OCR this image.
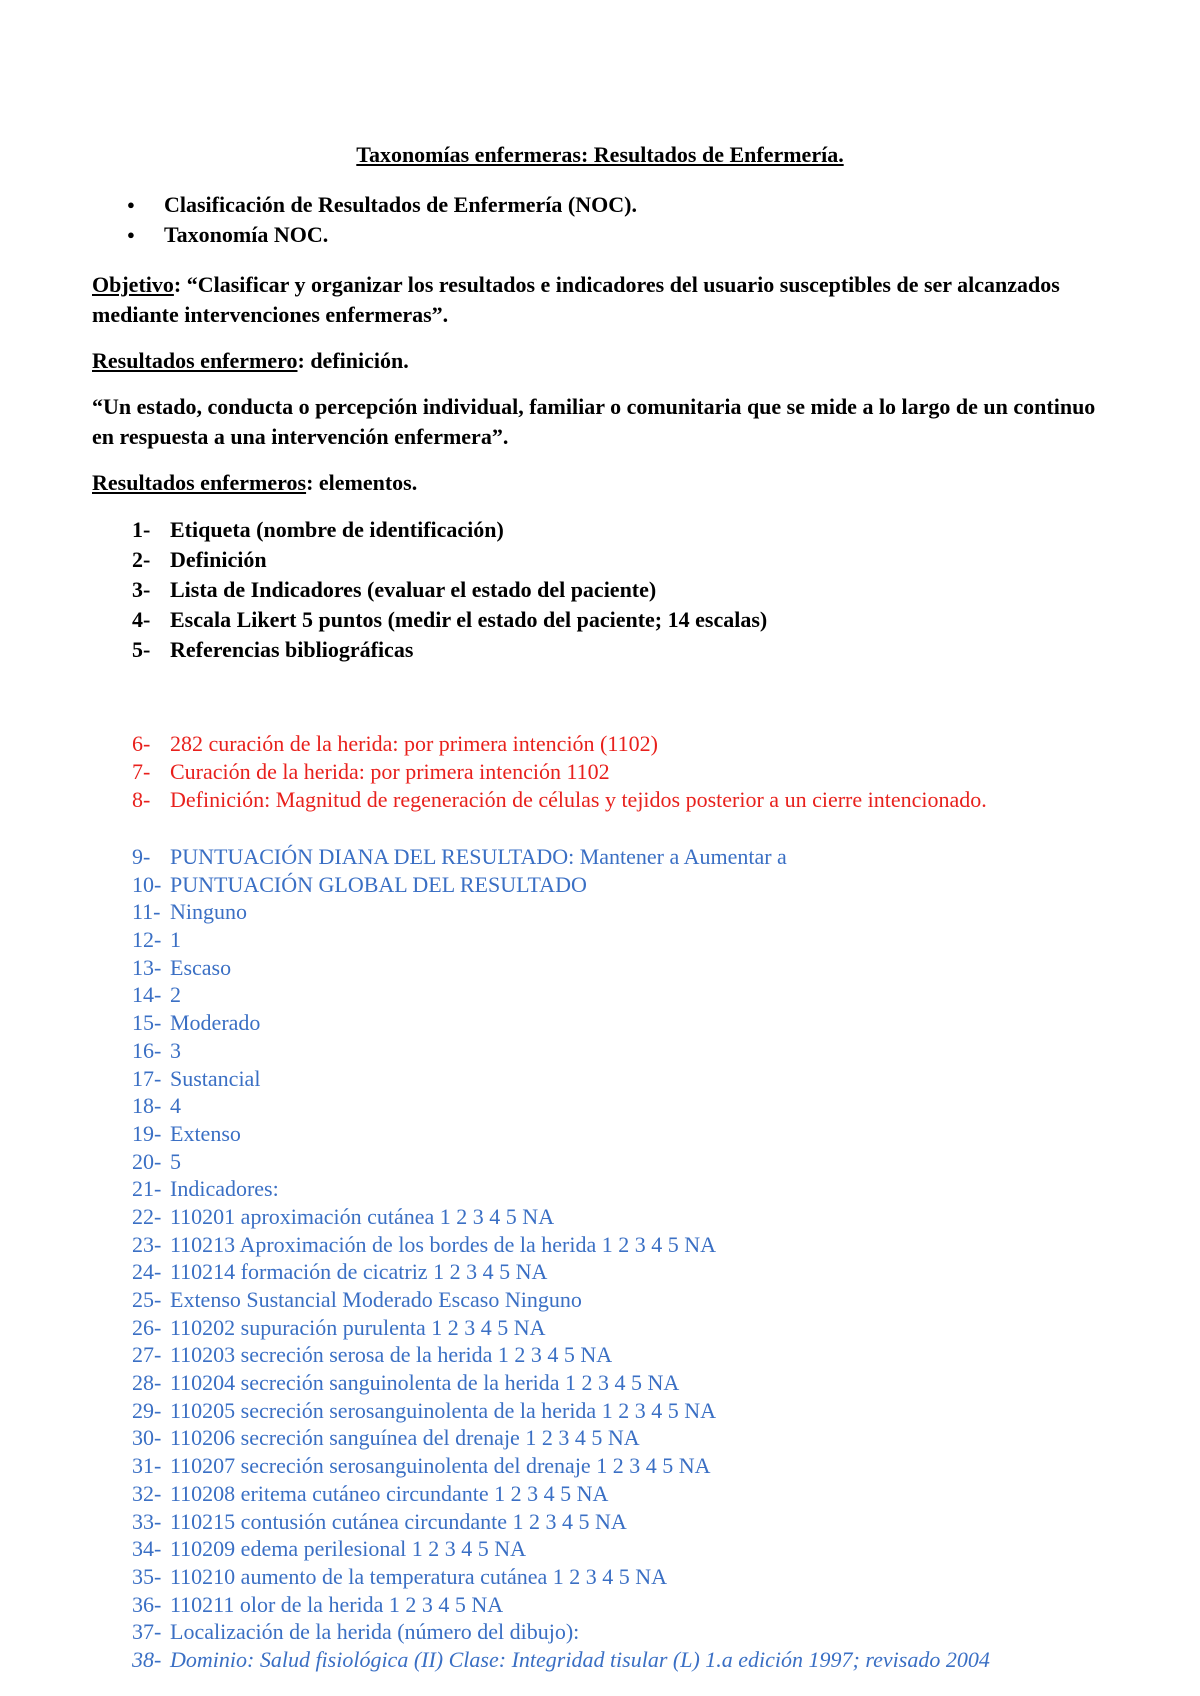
Taxonomías enfermeras: Resultados de Enfermería.
● Clasificación de Resultados de Enfermería (NOC).
● Taxonomía NOC.
Objetivo: “Clasificar y organizar los resultados e indicadores del usuario susceptibles de ser alcanzados mediante intervenciones enfermeras”.
Resultados enfermero: definición.
“Un estado, conducta o percepción individual, familiar o comunitaria que se mide a lo largo de un continuo en respuesta a una intervención enfermera”.
Resultados enfermeros: elementos.
1- Etiqueta (nombre de identificación)
2- Definición
3- Lista de Indicadores (evaluar el estado del paciente)
4- Escala Likert 5 puntos (medir el estado del paciente; 14 escalas)
5- Referencias bibliográficas
6- 282 curación de la herida: por primera intención (1102)
7- Curación de la herida: por primera intención 1102
8- Definición: Magnitud de regeneración de células y tejidos posterior a un cierre intencionado.
9- PUNTUACIÓN DIANA DEL RESULTADO: Mantener a Aumentar a
10- PUNTUACIÓN GLOBAL DEL RESULTADO
11- Ninguno
12- 1
13- Escaso
14- 2
15- Moderado
16- 3
17- Sustancial
18- 4
19- Extenso
20- 5
21- Indicadores:
22- 110201 aproximación cutánea 1 2 3 4 5 NA
23- 110213 Aproximación de los bordes de la herida 1 2 3 4 5 NA
24- 110214 formación de cicatriz 1 2 3 4 5 NA
25- Extenso Sustancial Moderado Escaso Ninguno
26- 110202 supuración purulenta 1 2 3 4 5 NA
27- 110203 secreción serosa de la herida 1 2 3 4 5 NA
28- 110204 secreción sanguinolenta de la herida 1 2 3 4 5 NA
29- 110205 secreción serosanguinolenta de la herida 1 2 3 4 5 NA
30- 110206 secreción sanguínea del drenaje 1 2 3 4 5 NA
31- 110207 secreción serosanguinolenta del drenaje 1 2 3 4 5 NA
32- 110208 eritema cutáneo circundante 1 2 3 4 5 NA
33- 110215 contusión cutánea circundante 1 2 3 4 5 NA
34- 110209 edema perilesional 1 2 3 4 5 NA
35- 110210 aumento de la temperatura cutánea 1 2 3 4 5 NA
36- 110211 olor de la herida 1 2 3 4 5 NA
37- Localización de la herida (número del dibujo):
38- Dominio: Salud fisiológica (II) Clase: Integridad tisular (L) 1.a edición 1997; revisado 2004
